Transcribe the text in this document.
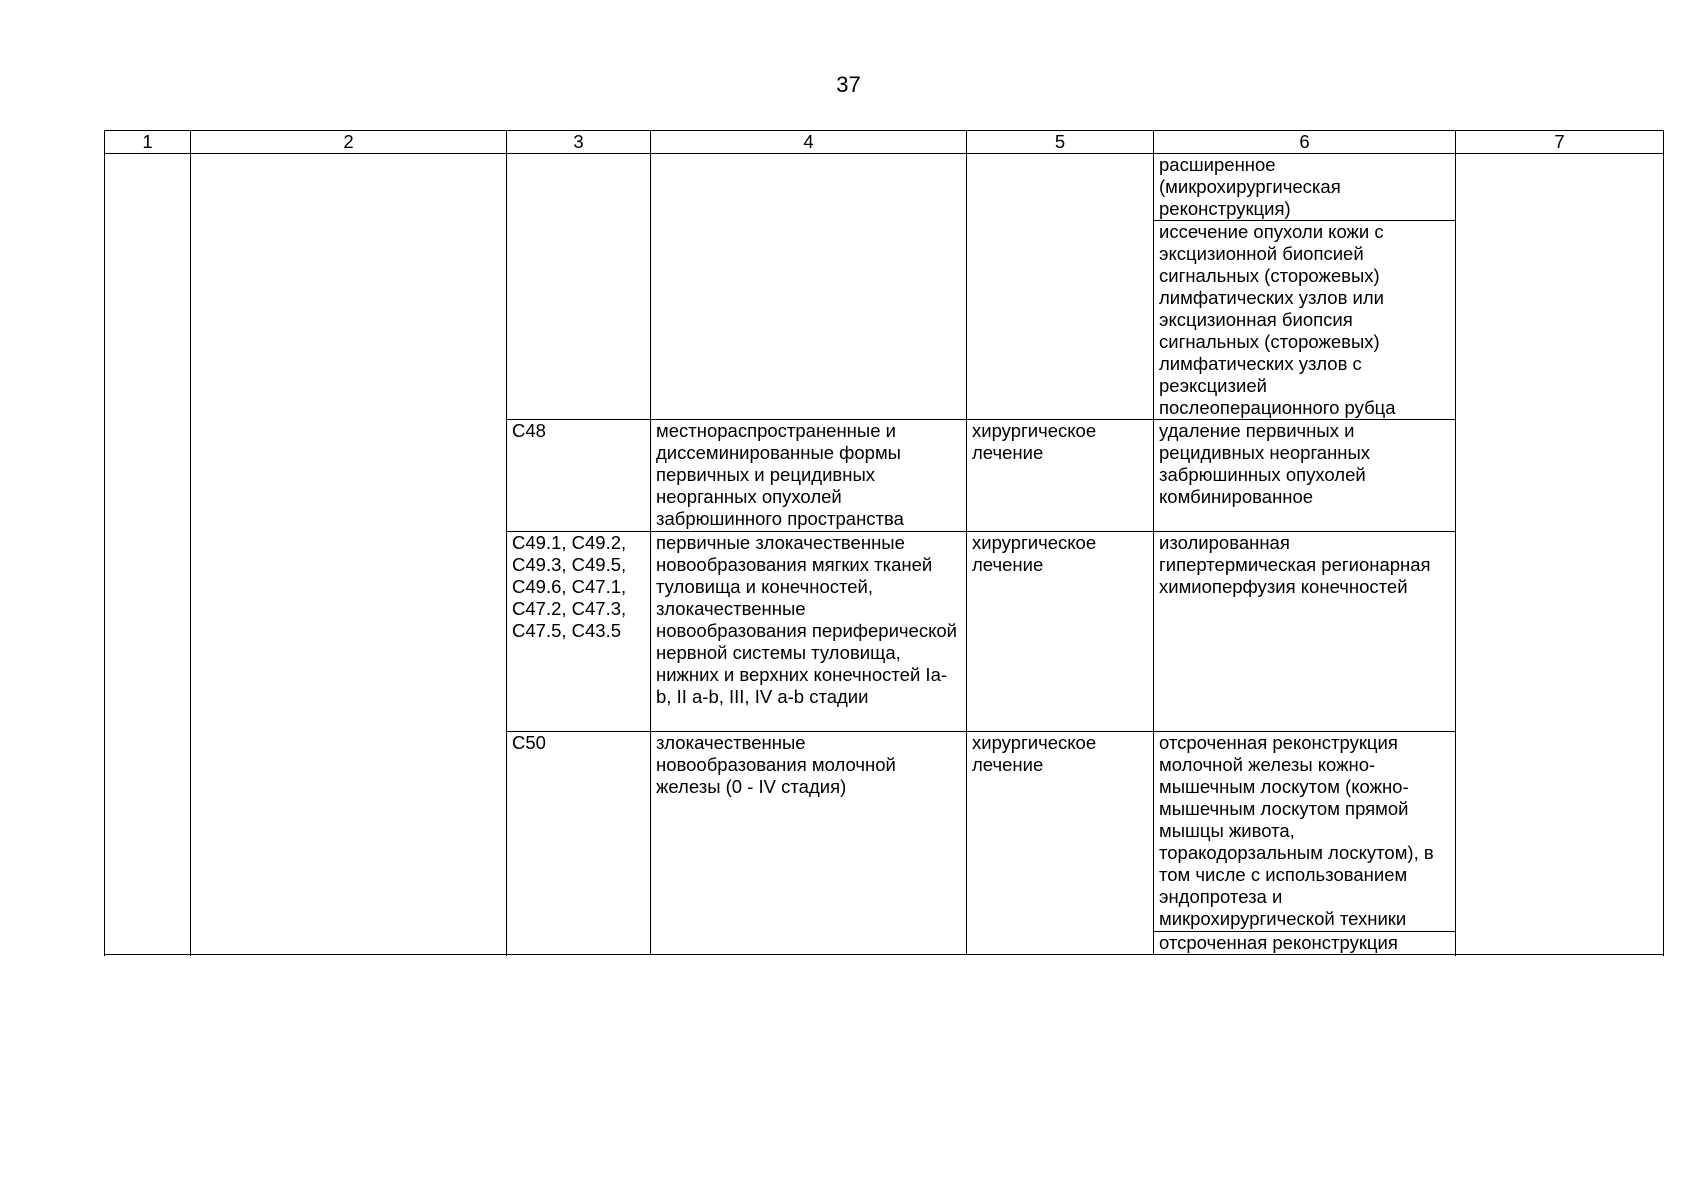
37
1	2	3	4	5	6	7
					расширенное (микрохирургическая реконструкция)	
					иссечение опухоли кожи с эксцизионной биопсией сигнальных (сторожевых) лимфатических узлов или эксцизионная биопсия сигнальных (сторожевых) лимфатических узлов с реэксцизией послеоперационного рубца	
		С48	местнораспространенные и диссеминированные формы первичных и рецидивных неорганных опухолей забрюшинного пространства	хирургическое лечение	удаление первичных и рецидивных неорганных забрюшинных опухолей комбинированное	
		С49.1, С49.2, С49.3, С49.5, С49.6, С47.1, С47.2, С47.3, С47.5, С43.5	первичные злокачественные новообразования мягких тканей туловища и конечностей, злокачественные новообразования периферической нервной системы туловища, нижних и верхних конечностей Ia-b, II a-b, III, IV a-b стадии	хирургическое лечение	изолированная гипертермическая регионарная химиоперфузия конечностей	
		С50	злокачественные новообразования молочной железы (0 - IV стадия)	хирургическое лечение	отсроченная реконструкция молочной железы кожно-мышечным лоскутом (кожно-мышечным лоскутом прямой мышцы живота, торакодорзальным лоскутом), в том числе с использованием эндопротеза и микрохирургической техники	
					отсроченная реконструкция	
